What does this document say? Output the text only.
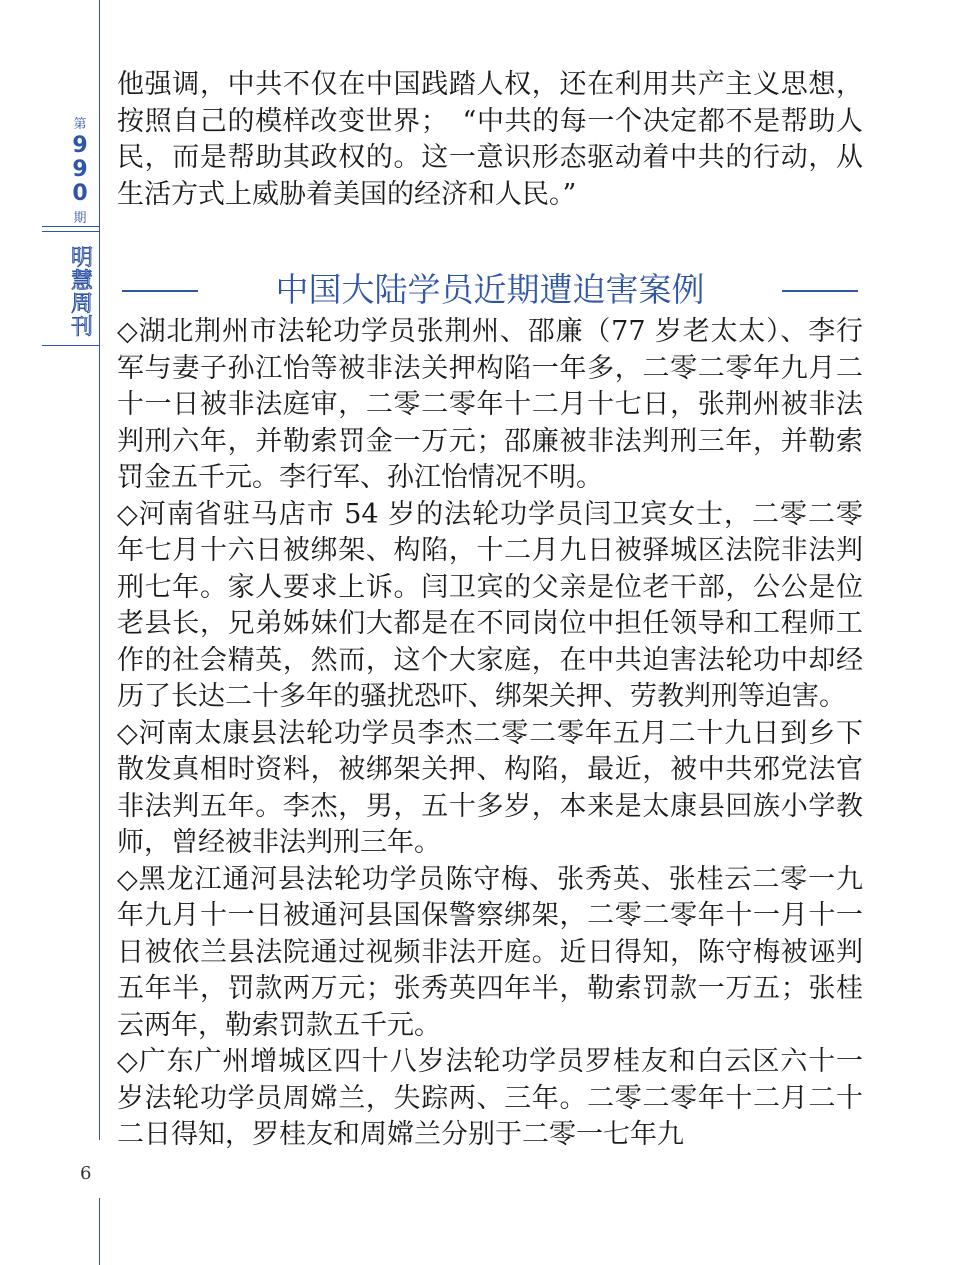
第
9
9
0
期
明
慧
周
刊
6

他强调，中共不仅在中国践踏人权，还在利用共产主义思想，按照自己的模样改变世界；　“中共的每一个决定都不是帮助人民，而是帮助其政权的。这一意识形态驱动着中共的行动，从生活方式上威胁着美国的经济和人民。”

中国大陆学员近期遭迫害案例

◇湖北荆州市法轮功学员张荆州、邵廉（77 岁老太太）、李行军与妻子孙江怡等被非法关押构陷一年多，二零二零年九月二十一日被非法庭审，二零二零年十二月十七日，张荆州被非法判刑六年，并勒索罚金一万元；邵廉被非法判刑三年，并勒索罚金五千元。李行军、孙江怡情况不明。

◇河南省驻马店市 54 岁的法轮功学员闫卫宾女士，二零二零年七月十六日被绑架、构陷，十二月九日被驿城区法院非法判刑七年。家人要求上诉。闫卫宾的父亲是位老干部，公公是位老县长，兄弟姊妹们大都是在不同岗位中担任领导和工程师工作的社会精英，然而，这个大家庭，在中共迫害法轮功中却经历了长达二十多年的骚扰恐吓、绑架关押、劳教判刑等迫害。

◇河南太康县法轮功学员李杰二零二零年五月二十九日到乡下散发真相时资料，被绑架关押、构陷，最近，被中共邪党法官非法判五年。李杰，男，五十多岁，本来是太康县回族小学教师，曾经被非法判刑三年。

◇黑龙江通河县法轮功学员陈守梅、张秀英、张桂云二零一九年九月十一日被通河县国保警察绑架，二零二零年十一月十一日被依兰县法院通过视频非法开庭。近日得知，陈守梅被诬判五年半，罚款两万元；张秀英四年半，勒索罚款一万五；张桂云两年，勒索罚款五千元。

◇广东广州增城区四十八岁法轮功学员罗桂友和白云区六十一岁法轮功学员周嫦兰，失踪两、三年。二零二零年十二月二十二日得知，罗桂友和周嫦兰分别于二零一七年九
